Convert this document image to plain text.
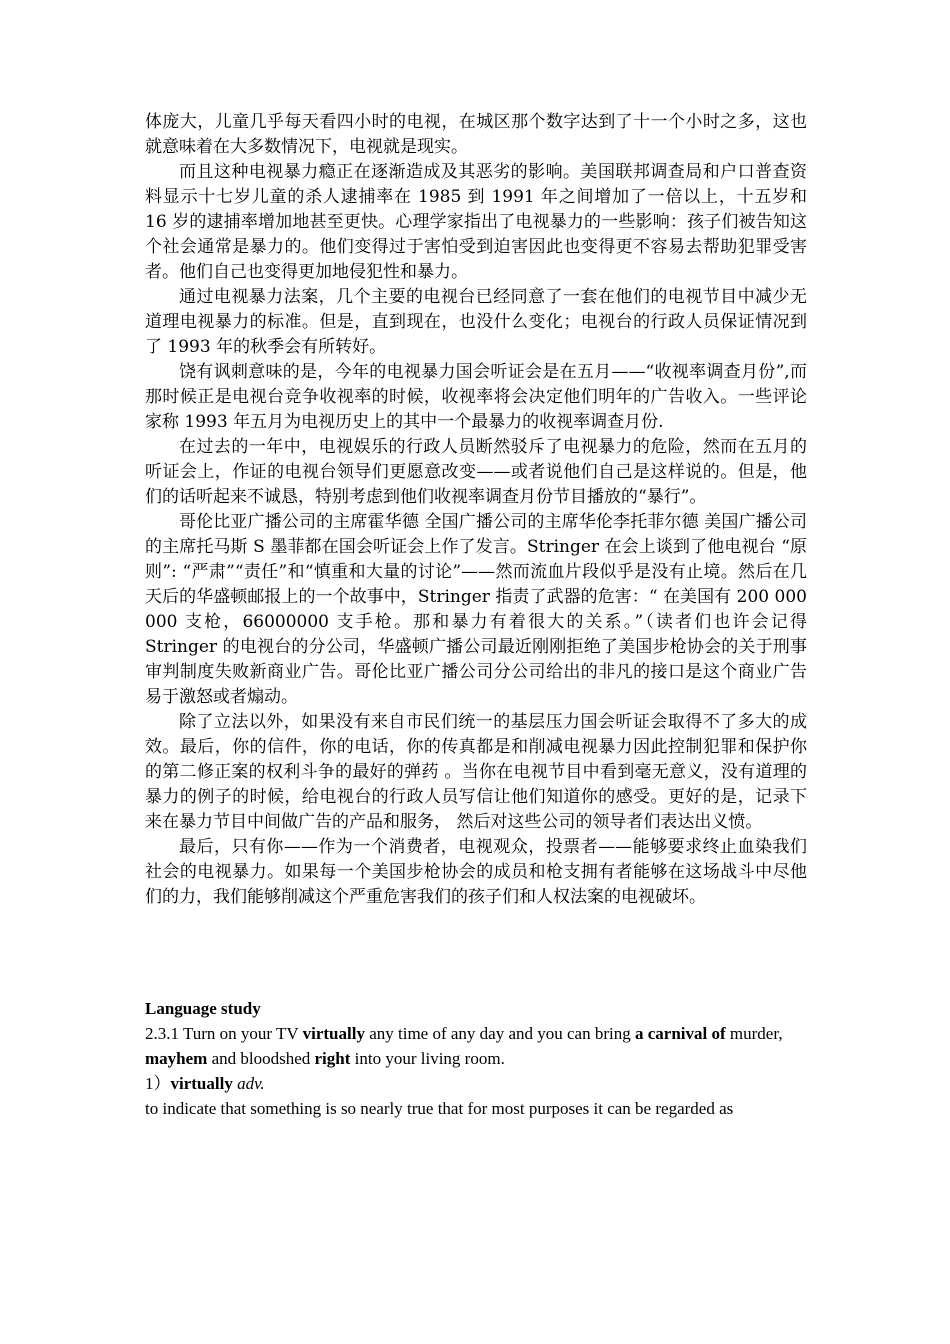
体庞大，儿童几乎每天看四小时的电视，在城区那个数字达到了十一个小时之多，这也就意味着在大多数情况下，电视就是现实。

而且这种电视暴力瘾正在逐渐造成及其恶劣的影响。美国联邦调查局和户口普查资料显示十七岁儿童的杀人逮捕率在 1985 到 1991 年之间增加了一倍以上，十五岁和 16 岁的逮捕率增加地甚至更快。心理学家指出了电视暴力的一些影响：孩子们被告知这个社会通常是暴力的。他们变得过于害怕受到迫害因此也变得更不容易去帮助犯罪受害者。他们自己也变得更加地侵犯性和暴力。

通过电视暴力法案，几个主要的电视台已经同意了一套在他们的电视节目中减少无道理电视暴力的标准。但是，直到现在，也没什么变化；电视台的行政人员保证情况到了 1993 年的秋季会有所转好。

饶有讽刺意味的是，今年的电视暴力国会听证会是在五月——“收视率调查月份”,而那时候正是电视台竞争收视率的时候，收视率将会决定他们明年的广告收入。一些评论家称 1993 年五月为电视历史上的其中一个最暴力的收视率调查月份.

在过去的一年中，电视娱乐的行政人员断然驳斥了电视暴力的危险，然而在五月的听证会上，作证的电视台领导们更愿意改变——或者说他们自己是这样说的。但是，他们的话听起来不诚恳，特别考虑到他们收视率调查月份节目播放的“暴行”。

哥伦比亚广播公司的主席霍华德 全国广播公司的主席华伦李托菲尔德 美国广播公司的主席托马斯 S 墨菲都在国会听证会上作了发言。Stringer 在会上谈到了他电视台 “原则”: “严肃”“责任”和“慎重和大量的讨论”——然而流血片段似乎是没有止境。然后在几天后的华盛顿邮报上的一个故事中，Stringer 指责了武器的危害：“ 在美国有 200 000 000 支枪，66000000 支手枪。那和暴力有着很大的关系。”（读者们也许会记得 Stringer 的电视台的分公司，华盛顿广播公司最近刚刚拒绝了美国步枪协会的关于刑事审判制度失败新商业广告。哥伦比亚广播公司分公司给出的非凡的接口是这个商业广告易于激怒或者煽动。

除了立法以外，如果没有来自市民们统一的基层压力国会听证会取得不了多大的成效。最后，你的信件，你的电话，你的传真都是和削减电视暴力因此控制犯罪和保护你的第二修正案的权利斗争的最好的弹药 。当你在电视节目中看到毫无意义，没有道理的暴力的例子的时候，给电视台的行政人员写信让他们知道你的感受。更好的是，记录下来在暴力节目中间做广告的产品和服务， 然后对这些公司的领导者们表达出义愤。

最后，只有你——作为一个消费者，电视观众，投票者——能够要求终止血染我们社会的电视暴力。如果每一个美国步枪协会的成员和枪支拥有者能够在这场战斗中尽他们的力，我们能够削减这个严重危害我们的孩子们和人权法案的电视破坏。

Language study

2.3.1 Turn on your TV virtually any time of any day and you can bring a carnival of murder, mayhem and bloodshed right into your living room.

1）virtually adv.

to indicate that something is so nearly true that for most purposes it can be regarded as
